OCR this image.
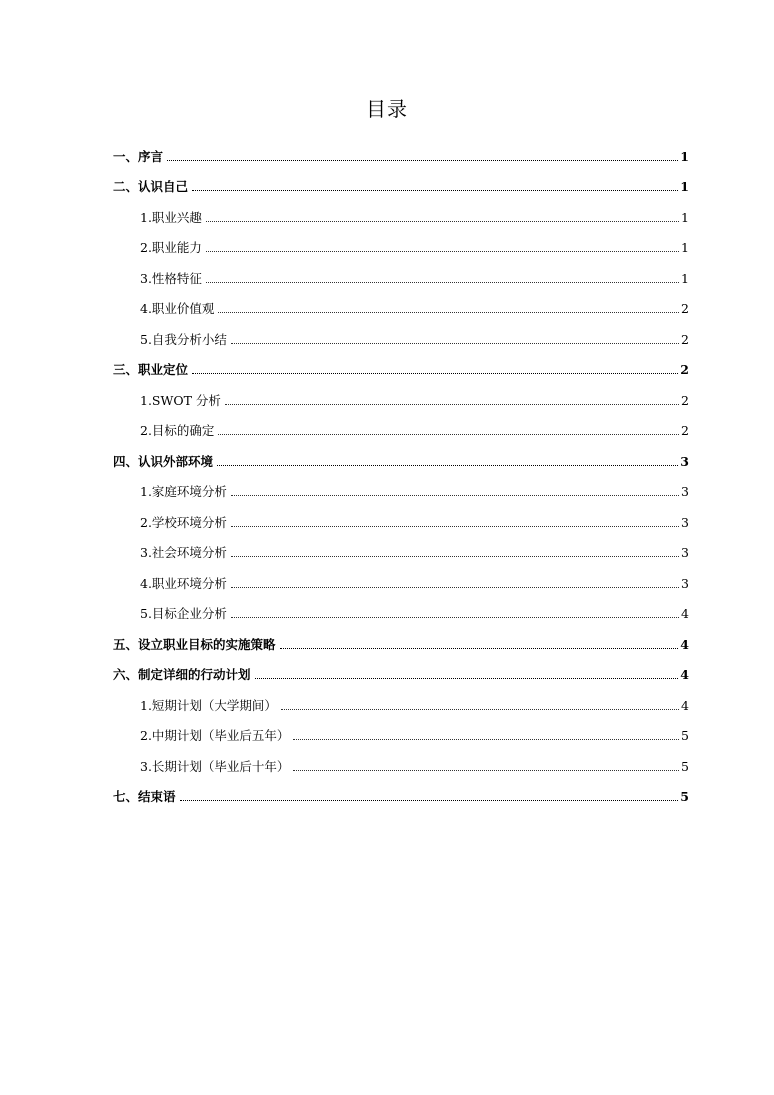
目录
一、序言	1
二、认识自己	1
1.职业兴趣	1
2.职业能力	1
3.性格特征	1
4.职业价值观	2
5.自我分析小结	2
三、职业定位	2
1.SWOT 分析	2
2.目标的确定	2
四、认识外部环境	3
1.家庭环境分析	3
2.学校环境分析	3
3.社会环境分析	3
4.职业环境分析	3
5.目标企业分析	4
五、设立职业目标的实施策略	4
六、制定详细的行动计划	4
1.短期计划（大学期间）	4
2.中期计划（毕业后五年）	5
3.长期计划（毕业后十年）	5
七、结束语	5
